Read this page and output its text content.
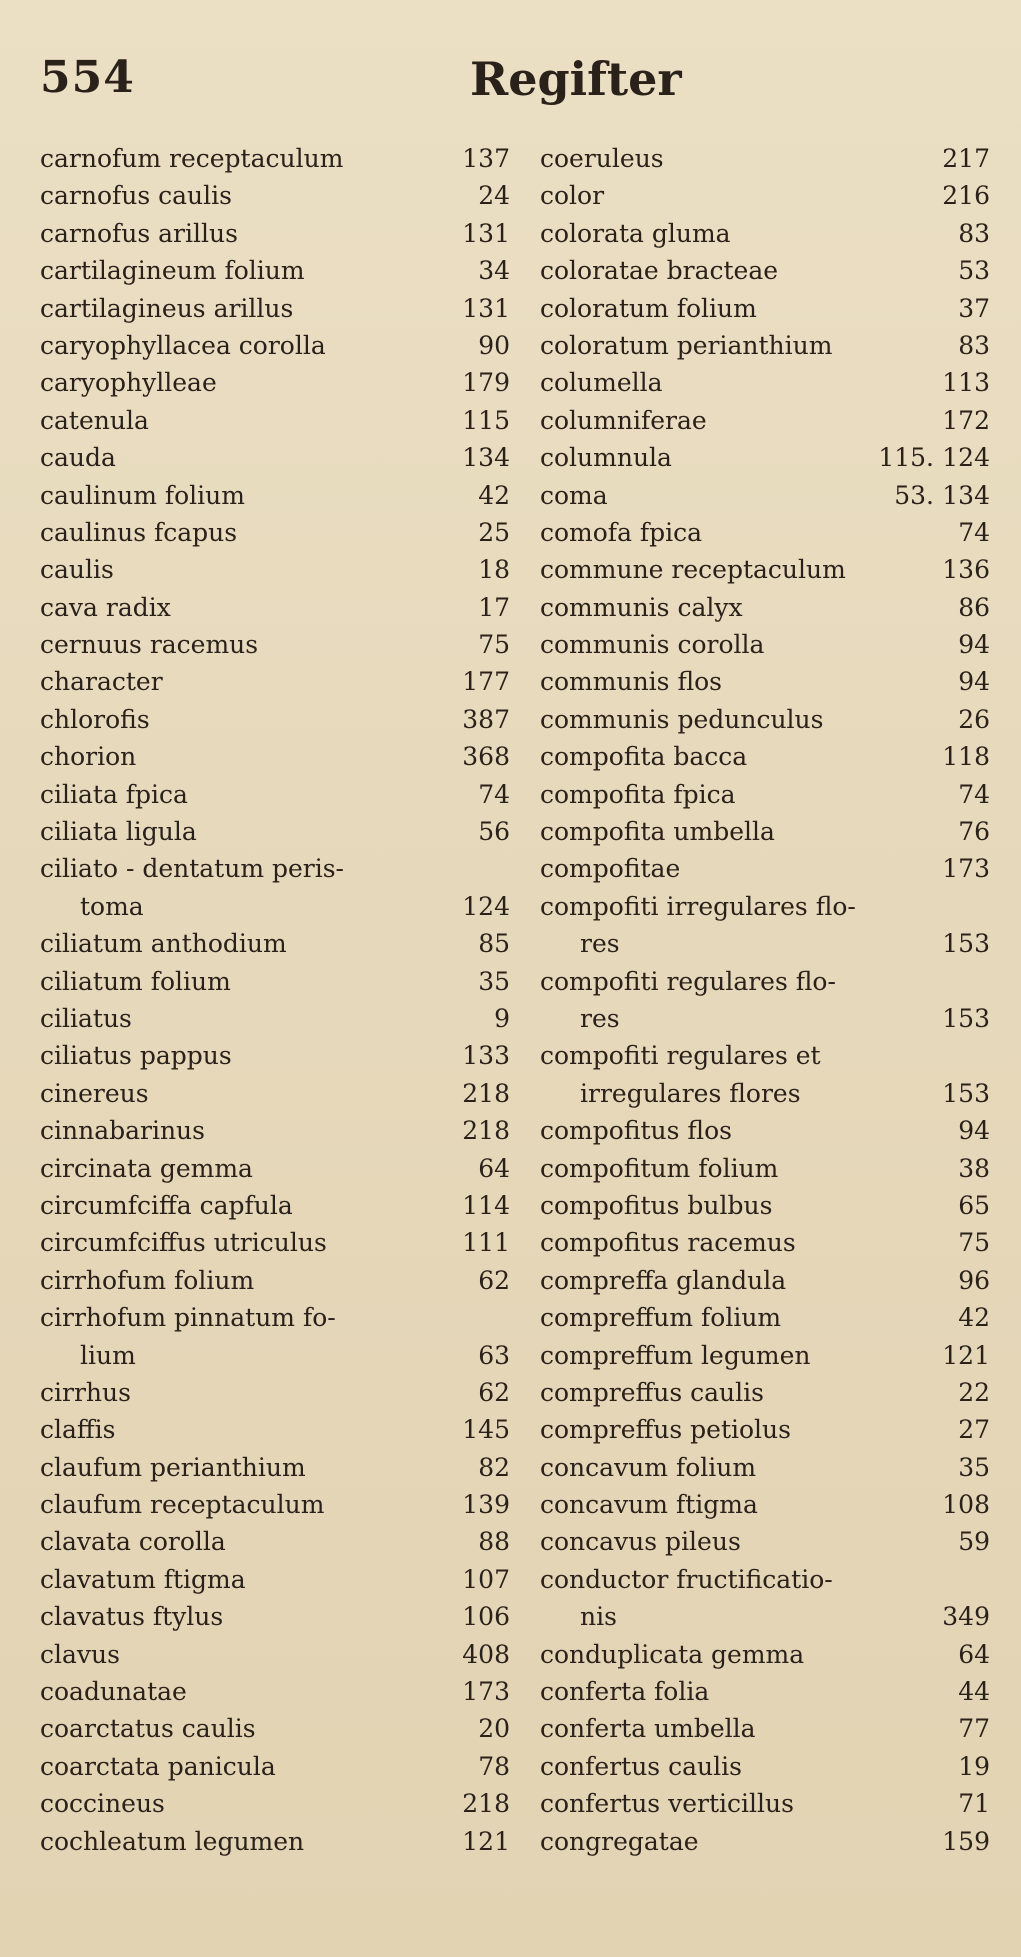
554	Regifter
carnofum receptaculum	137
carnofus caulis	24
carnofus arillus	131
cartilagineum folium	34
cartilagineus arillus	131
caryophyllacea corolla	90
caryophylleae	179
catenula	115
cauda	134
caulinum folium	42
caulinus fcapus	25
caulis	18
cava radix	17
cernuus racemus	75
character	177
chlorofis	387
chorion	368
ciliata fpica	74
ciliata ligula	56
ciliato - dentatum peris-
toma	124
ciliatum anthodium	85
ciliatum folium	35
ciliatus	9
ciliatus pappus	133
cinereus	218
cinnabarinus	218
circinata gemma	64
circumfciffa capfula	114
circumfciffus utriculus	111
cirrhofum folium	62
cirrhofum pinnatum fo-
lium	63
cirrhus	62
claffis	145
claufum perianthium	82
claufum receptaculum	139
clavata corolla	88
clavatum ftigma	107
clavatus ftylus	106
clavus	408
coadunatae	173
coarctatus caulis	20
coarctata panicula	78
coccineus	218
cochleatum legumen	121
coeruleus	217
color	216
colorata gluma	83
coloratae bracteae	53
coloratum folium	37
coloratum perianthium	83
columella	113
columniferae	172
columnula	115. 124
coma	53. 134
comofa fpica	74
commune receptaculum	136
communis calyx	86
communis corolla	94
communis flos	94
communis pedunculus	26
compofita bacca	118
compofita fpica	74
compofita umbella	76
compofitae	173
compofiti irregulares flo-
res	153
compofiti regulares flo-
res	153
compofiti regulares et
irregulares flores	153
compofitus flos	94
compofitum folium	38
compofitus bulbus	65
compofitus racemus	75
compreffa glandula	96
compreffum folium	42
compreffum legumen	121
compreffus caulis	22
compreffus petiolus	27
concavum folium	35
concavum ftigma	108
concavus pileus	59
conductor fructificatio-
nis	349
conduplicata gemma	64
conferta folia	44
conferta umbella	77
confertus caulis	19
confertus verticillus	71
congregatae	159
